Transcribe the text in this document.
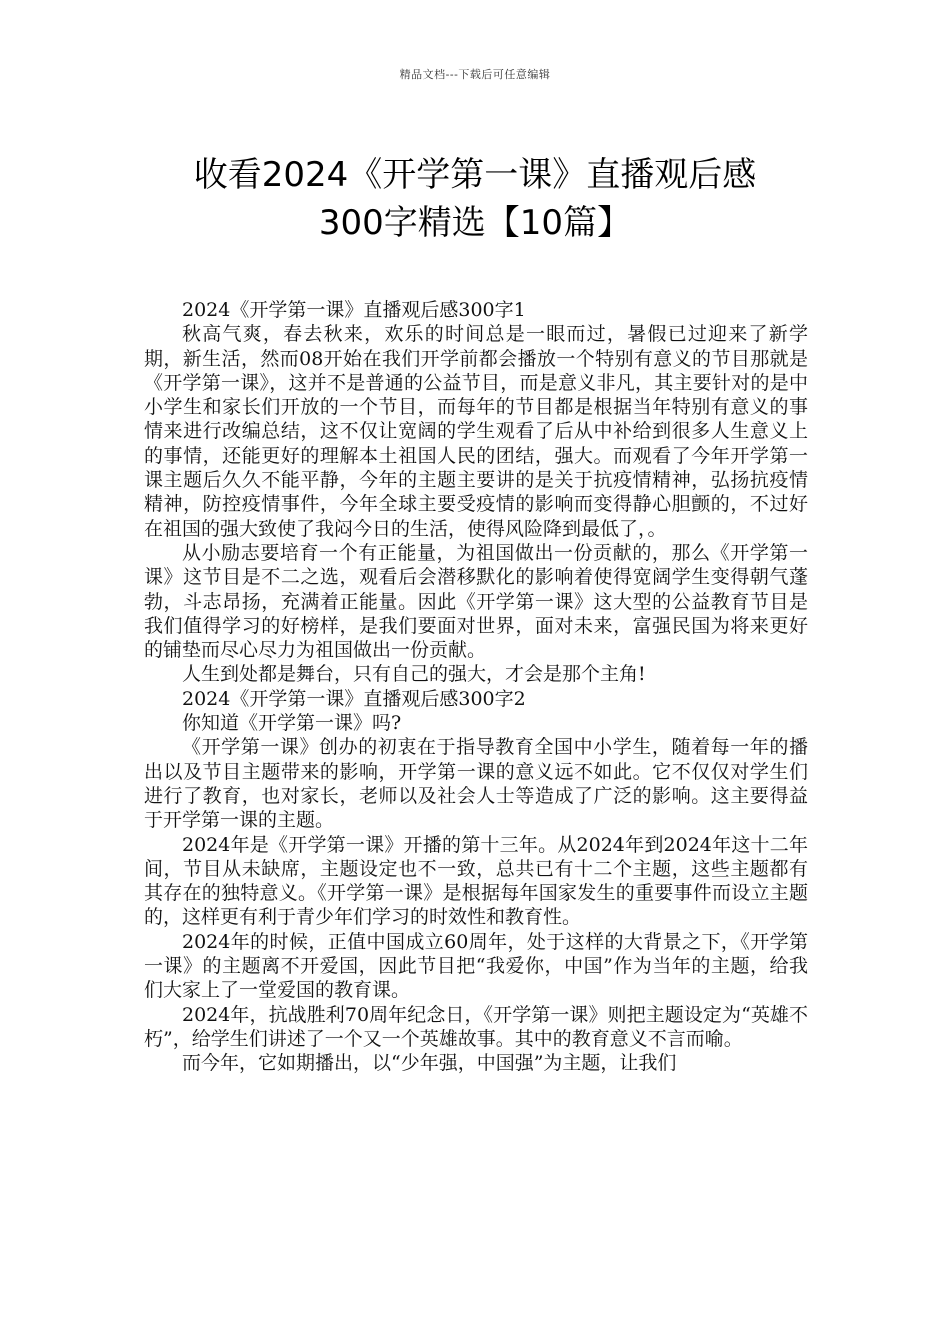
精品文档---下载后可任意编辑
收看2024《开学第一课》直播观后感
300字精选【10篇】

2024《开学第一课》直播观后感300字1

秋高气爽，春去秋来，欢乐的时间总是一眼而过，暑假已过迎来了新学期，新生活，然而08开始在我们开学前都会播放一个特别有意义的节目那就是《开学第一课》，这并不是普通的公益节目，而是意义非凡，其主要针对的是中小学生和家长们开放的一个节目，而每年的节目都是根据当年特别有意义的事情来进行改编总结，这不仅让宽阔的学生观看了后从中补给到很多人生意义上的事情，还能更好的理解本土祖国人民的团结，强大。而观看了今年开学第一课主题后久久不能平静，今年的主题主要讲的是关于抗疫情精神，弘扬抗疫情精神，防控疫情事件，今年全球主要受疫情的影响而变得静心胆颤的，不过好在祖国的强大致使了我闷今日的生活，使得风险降到最低了，。

从小励志要培育一个有正能量，为祖国做出一份贡献的，那么《开学第一课》这节目是不二之选，观看后会潜移默化的影响着使得宽阔学生变得朝气蓬勃，斗志昂扬，充满着正能量。因此《开学第一课》这大型的公益教育节目是我们值得学习的好榜样，是我们要面对世界，面对未来，富强民国为将来更好的铺垫而尽心尽力为祖国做出一份贡献。

人生到处都是舞台，只有自己的强大，才会是那个主角!

2024《开学第一课》直播观后感300字2

你知道《开学第一课》吗?

《开学第一课》创办的初衷在于指导教育全国中小学生，随着每一年的播出以及节目主题带来的影响，开学第一课的意义远不如此。它不仅仅对学生们进行了教育，也对家长，老师以及社会人士等造成了广泛的影响。这主要得益于开学第一课的主题。

2024年是《开学第一课》开播的第十三年。从2024年到2024年这十二年间，节目从未缺席，主题设定也不一致，总共已有十二个主题，这些主题都有其存在的独特意义。《开学第一课》是根据每年国家发生的重要事件而设立主题的，这样更有利于青少年们学习的时效性和教育性。

2024年的时候，正值中国成立60周年，处于这样的大背景之下，《开学第一课》的主题离不开爱国，因此节目把“我爱你，中国”作为当年的主题，给我们大家上了一堂爱国的教育课。

2024年，抗战胜利70周年纪念日，《开学第一课》则把主题设定为“英雄不朽”，给学生们讲述了一个又一个英雄故事。其中的教育意义不言而喻。

而今年，它如期播出，以“少年强，中国强”为主题，让我们
